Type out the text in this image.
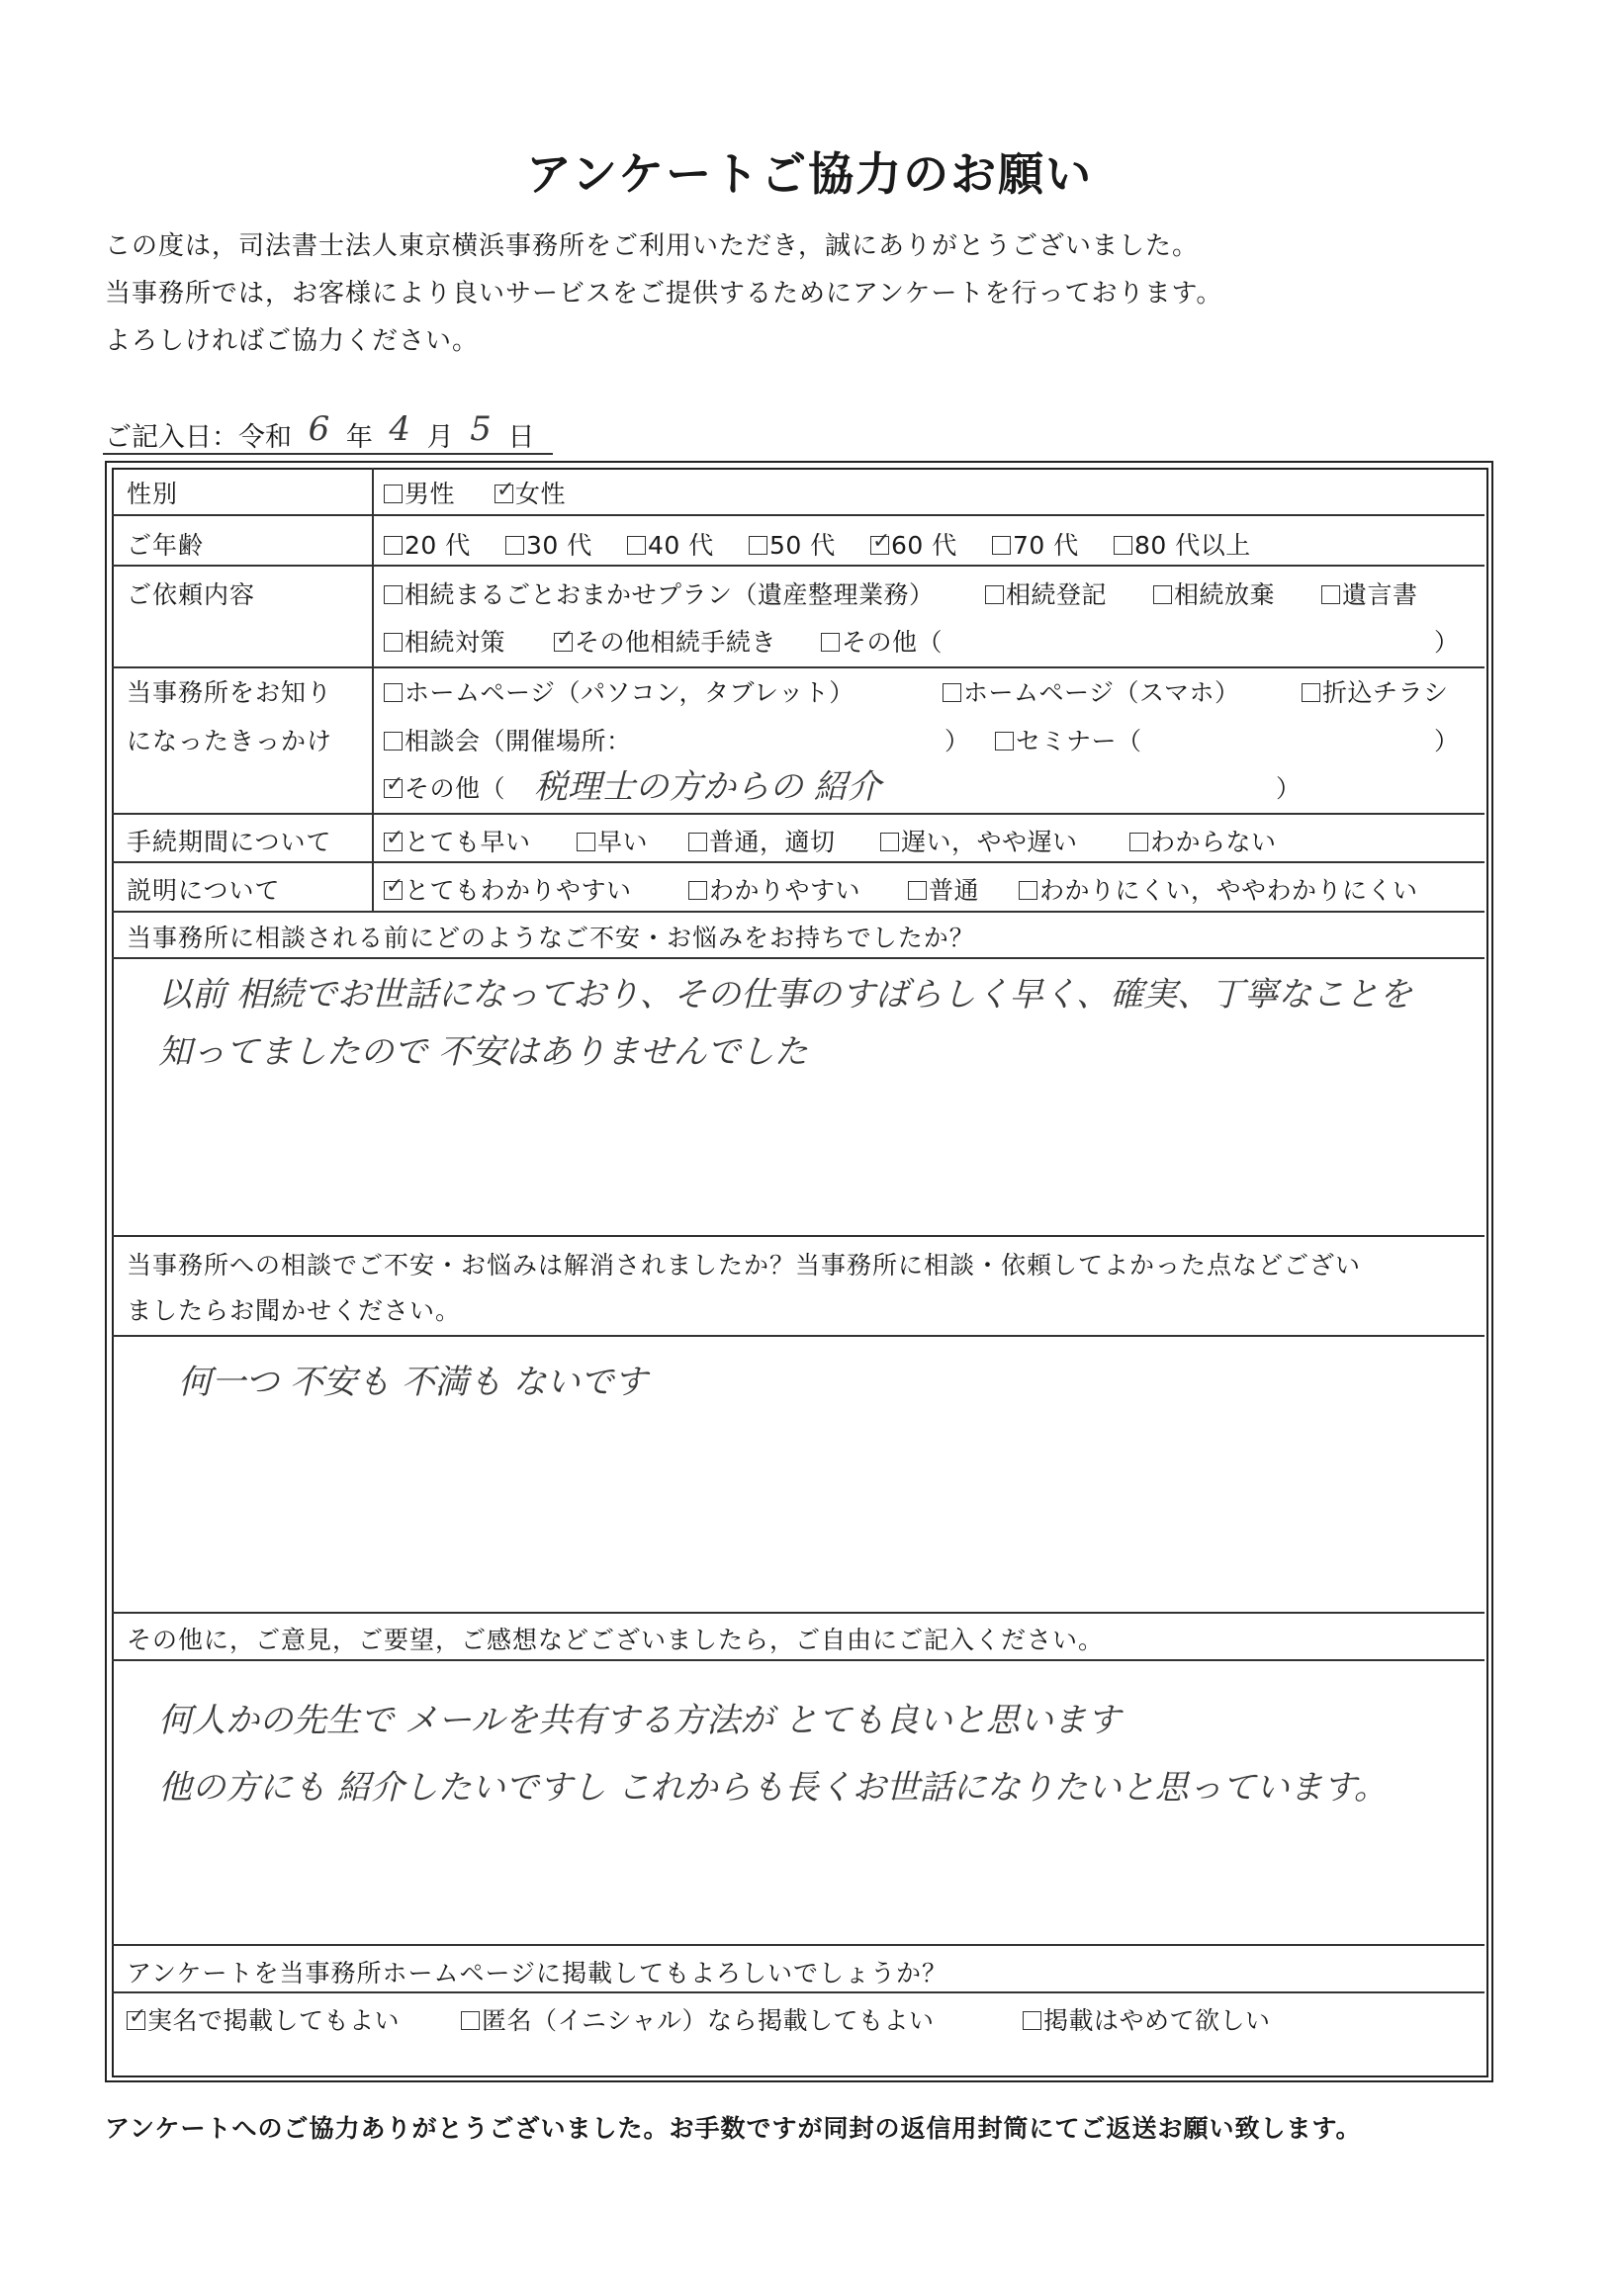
アンケートご協力のお願い
この度は，司法書士法人東京横浜事務所をご利用いただき，誠にありがとうございました。
当事務所では，お客様により良いサービスをご提供するためにアンケートを行っております。
よろしければご協力ください。
ご記入日：令和 6 年 4 月 5 日
性別	男性 ✓	女性
ご年齢	20 代	30 代	40 代	50 代 ✓	60 代	70 代	80 代以上
ご依頼内容	相続まるごとおまかせプラン（遺産整理業務）	相続登記	相続放棄	遺言書
相続対策 ✓	その他相続手続き	その他（	）
当事務所をお知り
になったきっかけ
ホームページ（パソコン，タブレット）	ホームページ（スマホ）	折込チラシ
相談会（開催場所：	）	セミナー（	）
✓その他（ 税理士の方からの 紹介	）
手続期間について ✓	とても早い	早い	普通，適切	遅い，やや遅い	わからない
説明について ✓	とてもわかりやすい	わかりやすい	普通	わかりにくい，ややわかりにくい
当事務所に相談される前にどのようなご不安・お悩みをお持ちでしたか？
以前 相続でお世話になっており、その仕事のすばらしく早く、確実、丁寧なことを
知ってましたので 不安はありませんでした
当事務所への相談でご不安・お悩みは解消されましたか？当事務所に相談・依頼してよかった点などござい
ましたらお聞かせください。
何一つ 不安も 不満も ないです
その他に，ご意見，ご要望，ご感想などございましたら，ご自由にご記入ください。
何人かの先生で メールを共有する方法が とても良いと思います
他の方にも 紹介したいですし これからも長くお世話になりたいと思っています。
アンケートを当事務所ホームページに掲載してもよろしいでしょうか？
✓実名で掲載してもよい	匿名（イニシャル）なら掲載してもよい	掲載はやめて欲しい
アンケートへのご協力ありがとうございました。お手数ですが同封の返信用封筒にてご返送お願い致します。
